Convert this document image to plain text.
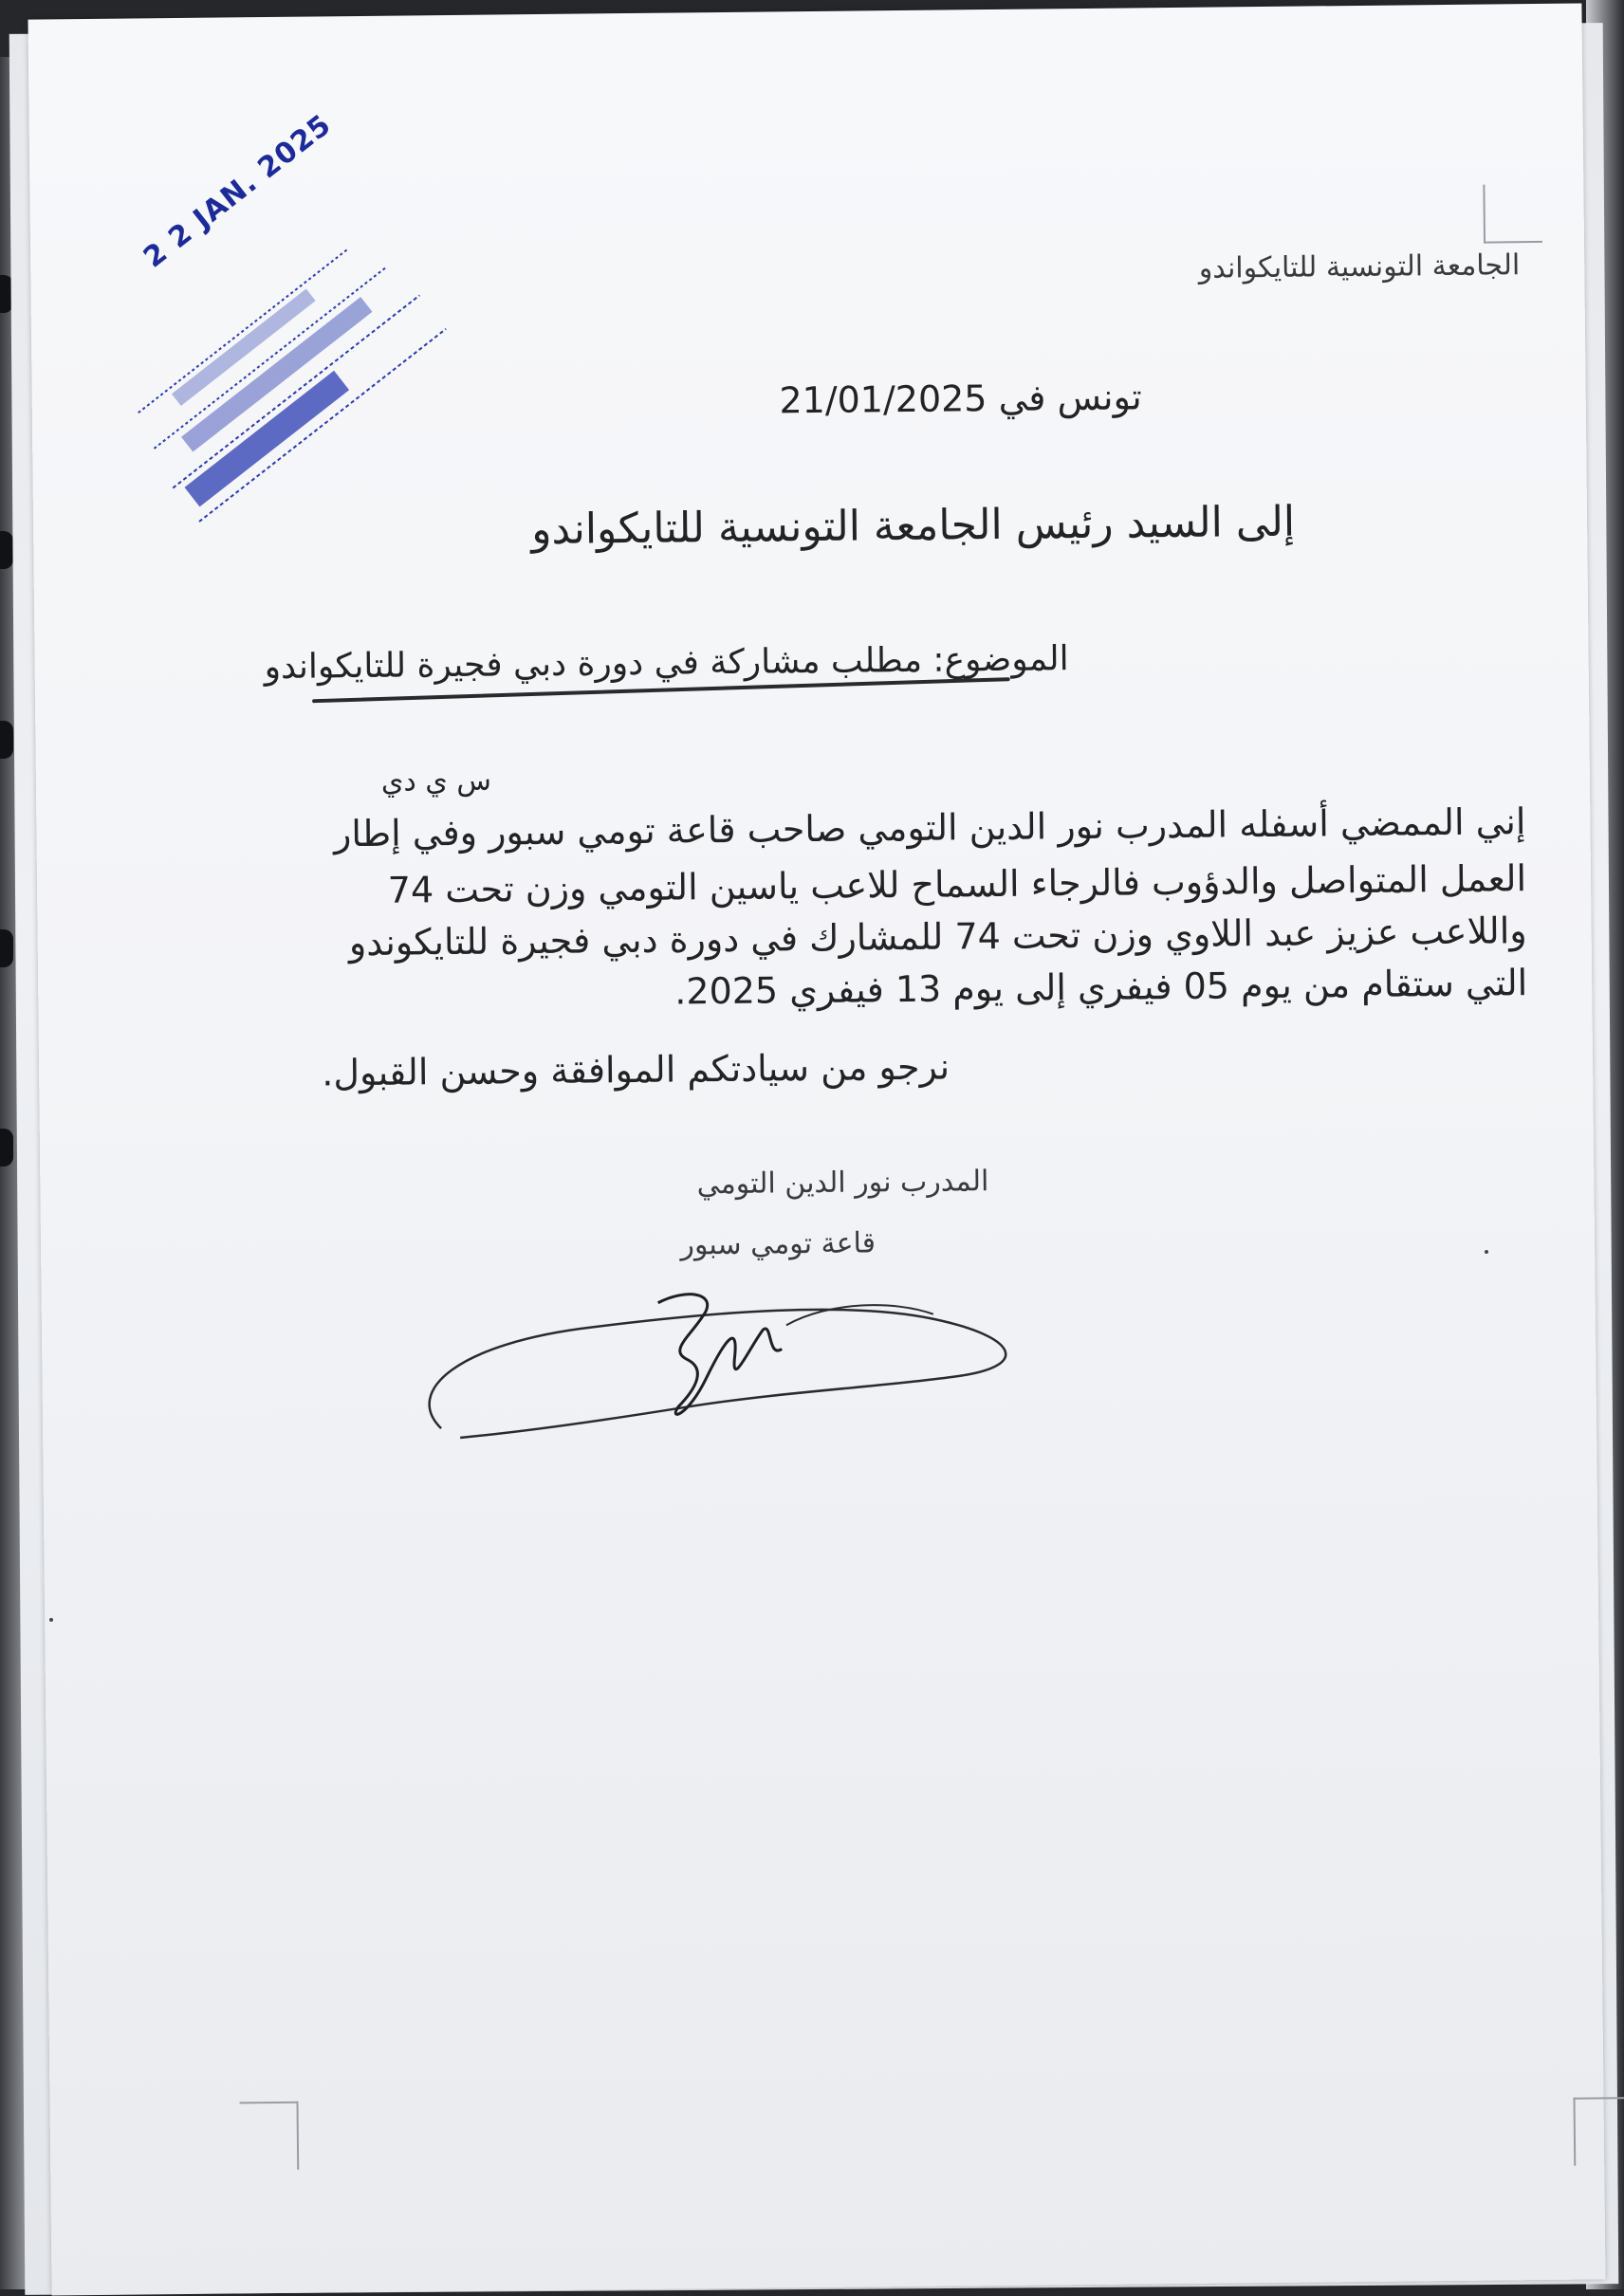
الجامعة التونسية للتايكواندو
تونس في 21/01/2025
إلى السيد رئيس الجامعة التونسية للتايكواندو
الموضوع: مطلب مشاركة في دورة دبي فجيرة للتايكواندو
س ي دي
إني الممضي أسفله المدرب نور الدين التومي صاحب قاعة تومي سبور وفي إطار
العمل المتواصل والدؤوب فالرجاء السماح للاعب ياسين التومي وزن تحت 74
واللاعب عزيز عبد اللاوي وزن تحت 74 للمشارك في دورة دبي فجيرة للتايكوندو
التي ستقام من يوم 05 فيفري إلى يوم 13 فيفري 2025.
نرجو من سيادتكم الموافقة وحسن القبول.
المدرب نور الدين التومي
قاعة تومي سبور
2 2 JAN. 2025
